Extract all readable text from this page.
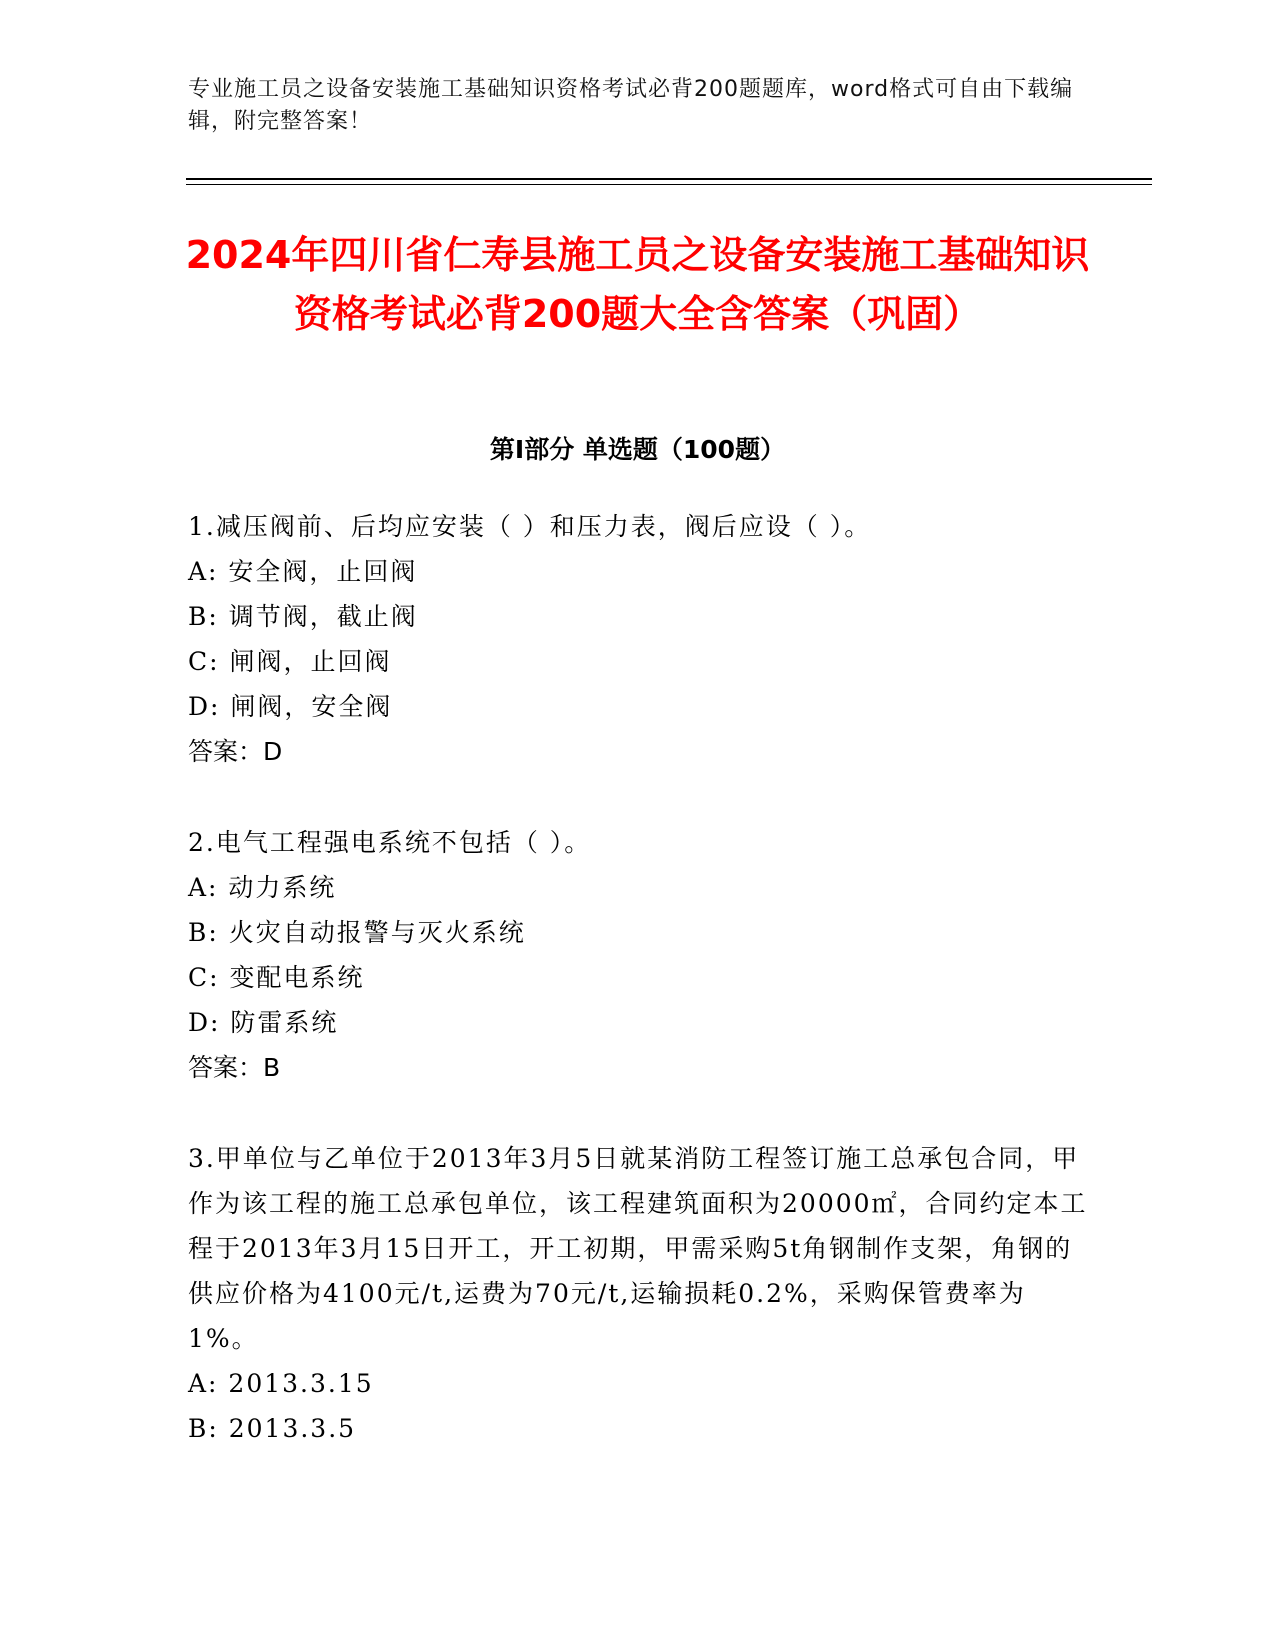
专业施工员之设备安装施工基础知识资格考试必背200题题库，word格式可自由下载编辑，附完整答案！
2024年四川省仁寿县施工员之设备安装施工基础知识资格考试必背200题大全含答案（巩固）
第I部分 单选题（100题）
1.减压阀前、后均应安装（ ）和压力表，阀后应设（ ）。
A: 安全阀，止回阀
B: 调节阀，截止阀
C: 闸阀，止回阀
D: 闸阀，安全阀
答案：D
2.电气工程强电系统不包括（ ）。
A: 动力系统
B: 火灾自动报警与灭火系统
C: 变配电系统
D: 防雷系统
答案：B
3.甲单位与乙单位于2013年3月5日就某消防工程签订施工总承包合同，甲作为该工程的施工总承包单位，该工程建筑面积为20000㎡，合同约定本工程于2013年3月15日开工，开工初期，甲需采购5t角钢制作支架，角钢的供应价格为4100元/t,运费为70元/t,运输损耗0.2%，采购保管费率为1%。
A: 2013.3.15
B: 2013.3.5
